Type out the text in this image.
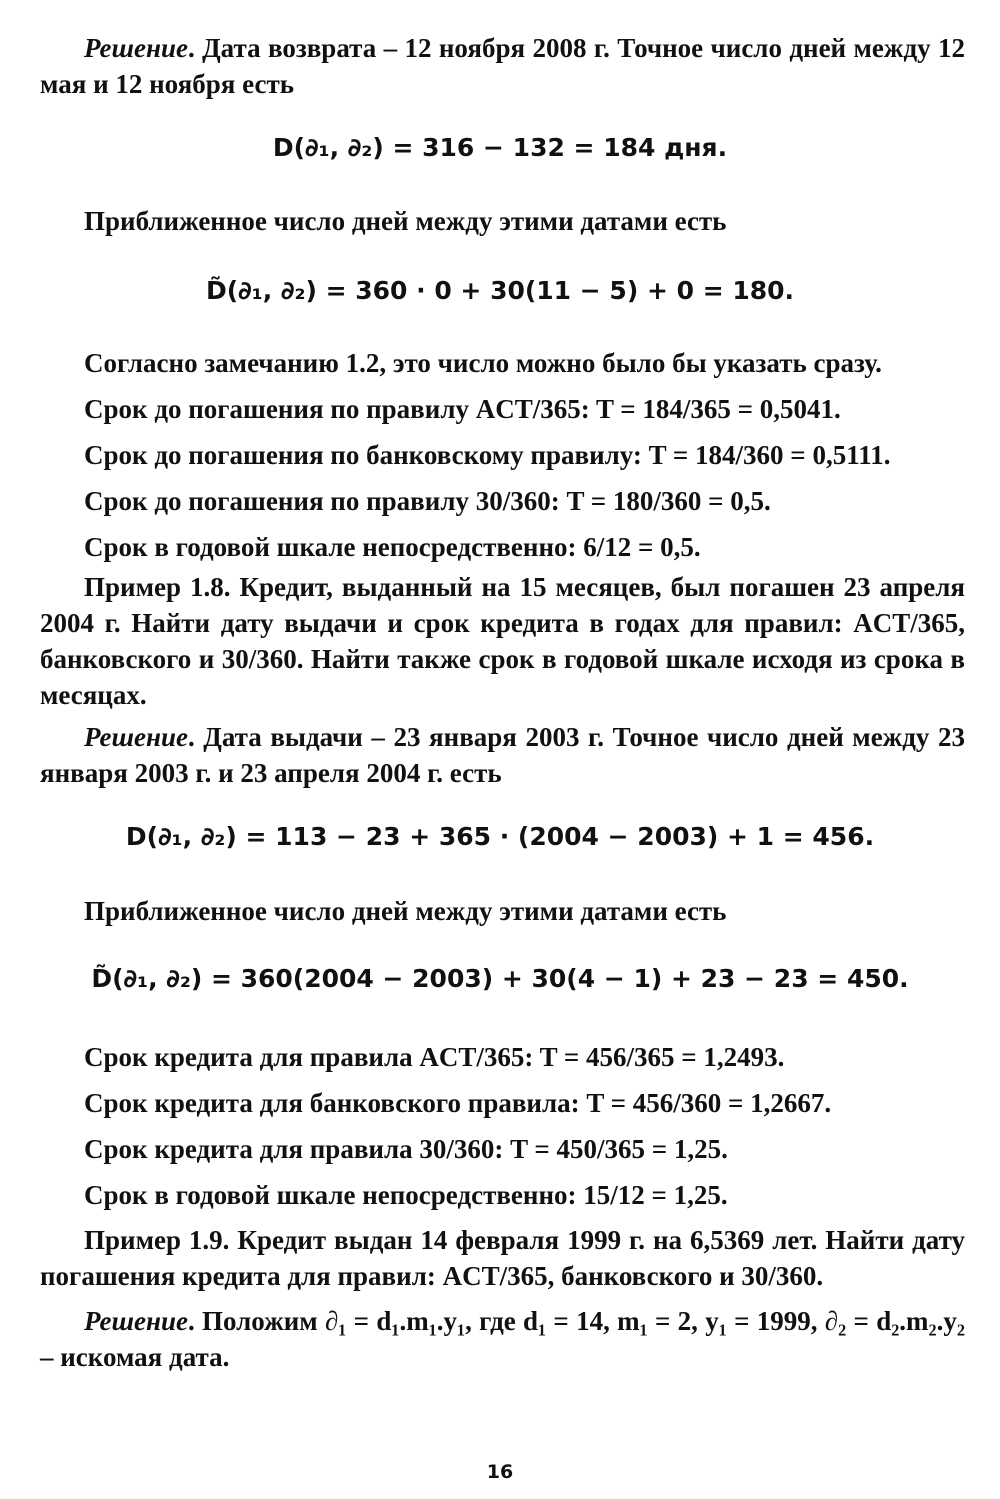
Решение. Дата возврата – 12 ноября 2008 г. Точное число дней между 12 мая и 12 ноября есть
D(∂₁, ∂₂) = 316 − 132 = 184 дня.
Приближенное число дней между этими датами есть
D̃(∂₁, ∂₂) = 360 · 0 + 30(11 − 5) + 0 = 180.
Согласно замечанию 1.2, это число можно было бы указать сразу.
Срок до погашения по правилу ACT/365: T = 184/365 = 0,5041.
Срок до погашения по банковскому правилу: T = 184/360 = 0,5111.
Срок до погашения по правилу 30/360: T = 180/360 = 0,5.
Срок в годовой шкале непосредственно: 6/12 = 0,5.
Пример 1.8. Кредит, выданный на 15 месяцев, был погашен 23 апреля 2004 г. Найти дату выдачи и срок кредита в годах для правил: ACT/365, банковского и 30/360. Найти также срок в годовой шкале исходя из срока в месяцах.
Решение. Дата выдачи – 23 января 2003 г. Точное число дней между 23 января 2003 г. и 23 апреля 2004 г. есть
D(∂₁, ∂₂) = 113 − 23 + 365 · (2004 − 2003) + 1 = 456.
Приближенное число дней между этими датами есть
D̃(∂₁, ∂₂) = 360(2004 − 2003) + 30(4 − 1) + 23 − 23 = 450.
Срок кредита для правила ACT/365: T = 456/365 = 1,2493.
Срок кредита для банковского правила: T = 456/360 = 1,2667.
Срок кредита для правила 30/360: T = 450/365 = 1,25.
Срок в годовой шкале непосредственно: 15/12 = 1,25.
Пример 1.9. Кредит выдан 14 февраля 1999 г. на 6,5369 лет. Найти дату погашения кредита для правил: ACT/365, банковского и 30/360.
Решение. Положим ∂₁ = d₁.m₁.y₁, где d₁ = 14, m₁ = 2, y₁ = 1999, ∂₂ = d₂.m₂.y₂ – искомая дата.
16
